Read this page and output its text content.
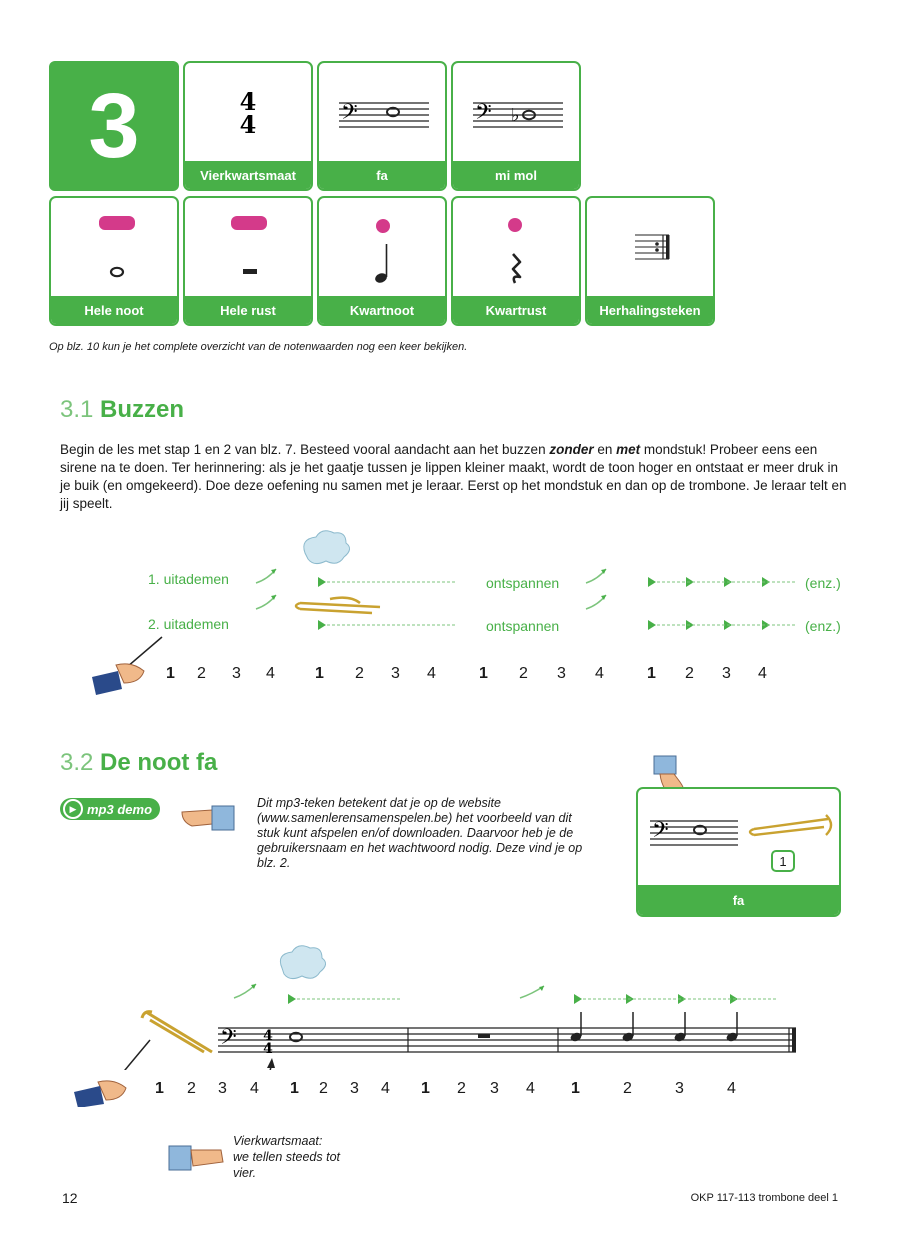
3	4
4
Vierkwartsmaat
𝄢
fa
𝄢 ♭
mi mol
Hele noot	Hele rust	Kwartnoot	Kwartrust	Herhalingsteken
Op blz. 10 kun je het complete overzicht van de notenwaarden nog een keer bekijken.
3.1 Buzzen
Begin de les met stap 1 en 2 van blz. 7. Besteed vooral aandacht aan het buzzen zonder en met mondstuk! Probeer eens een sirene na te doen. Ter herinnering: als je het gaatje tussen je lippen kleiner maakt, wordt de toon hoger en ontstaat er meer druk in je buik (en omgekeerd). Doe deze oefening nu samen met je leraar. Eerst op het mondstuk en dan op de trombone. Je leraar telt en jij speelt.
1. uitademen
2. uitademen
ontspannen
ontspannen
(enz.)
(enz.)
1 2 3 4	1 2 3 4	1 2 3 4	1 2 3 4
3.2 De noot fa
▶ mp3 demo	Dit mp3-teken betekent dat je op de website (www.samenlerensamenspelen.be) het voorbeeld van dit stuk kunt afspelen en/of downloaden. Daarvoor heb je de gebruikersnaam en het wachtwoord nodig. Deze vind je op blz. 2.
𝄢
fa
1
𝄢 4
4
1 2 3 4 1 2 3 4 1 2 3 4 1	2	3	4
Vierkwartsmaat:
we tellen steeds tot
vier.
12	OKP 117-113 trombone deel 1
